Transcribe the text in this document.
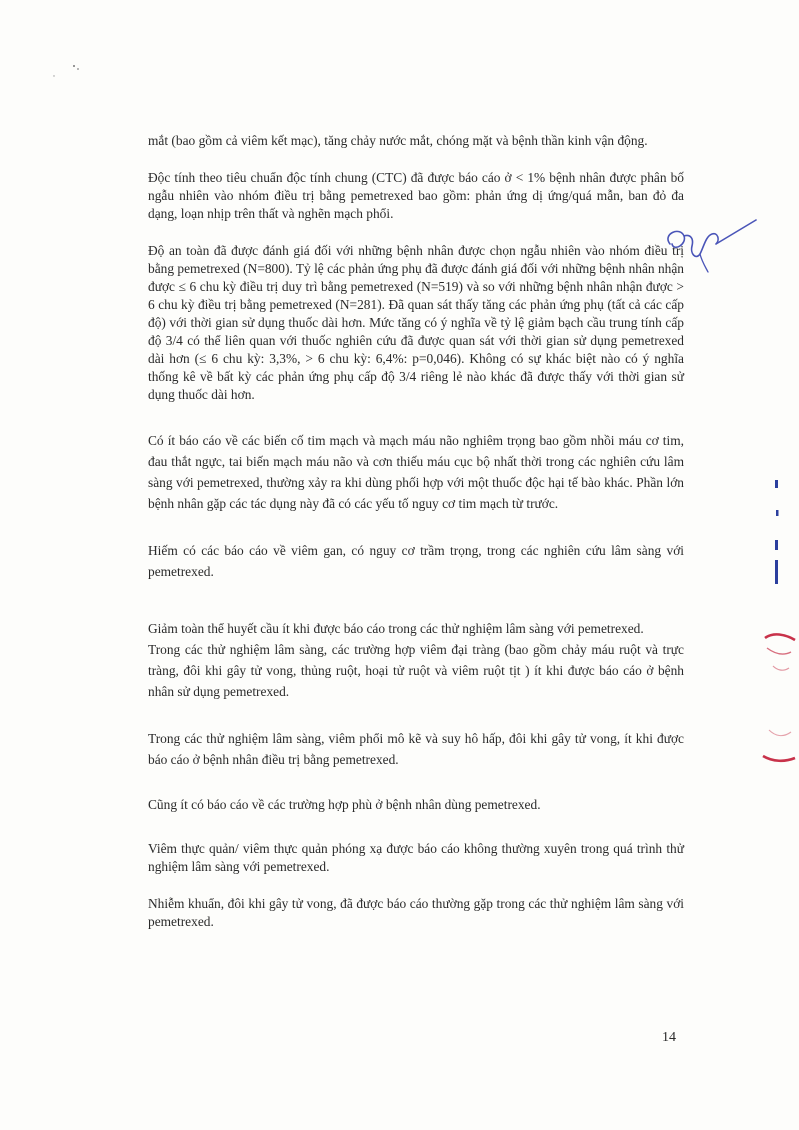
mắt (bao gồm cả viêm kết mạc), tăng chảy nước mắt, chóng mặt và bệnh thần kinh vận động.

Độc tính theo tiêu chuẩn độc tính chung (CTC) đã được báo cáo ở < 1% bệnh nhân được phân bố ngẫu nhiên vào nhóm điều trị bằng pemetrexed bao gồm: phản ứng dị ứng/quá mẫn, ban đỏ đa dạng, loạn nhịp trên thất và nghẽn mạch phổi.

Độ an toàn đã được đánh giá đối với những bệnh nhân được chọn ngẫu nhiên vào nhóm điều trị bằng pemetrexed (N=800). Tỷ lệ các phản ứng phụ đã được đánh giá đối với những bệnh nhân nhận được ≤ 6 chu kỳ điều trị duy trì bằng pemetrexed (N=519) và so với những bệnh nhân nhận được > 6 chu kỳ điều trị bằng pemetrexed (N=281). Đã quan sát thấy tăng các phản ứng phụ (tất cả các cấp độ) với thời gian sử dụng thuốc dài hơn. Mức tăng có ý nghĩa về tỷ lệ giảm bạch cầu trung tính cấp độ 3/4 có thể liên quan với thuốc nghiên cứu đã được quan sát với thời gian sử dụng pemetrexed dài hơn (≤ 6 chu kỳ: 3,3%, > 6 chu kỳ: 6,4%: p=0,046). Không có sự khác biệt nào có ý nghĩa thống kê về bất kỳ các phản ứng phụ cấp độ 3/4 riêng lẻ nào khác đã được thấy với thời gian sử dụng thuốc dài hơn.

Có ít báo cáo về các biến cố tim mạch và mạch máu não nghiêm trọng bao gồm nhồi máu cơ tim, đau thắt ngực, tai biến mạch máu não và cơn thiếu máu cục bộ nhất thời trong các nghiên cứu lâm sàng với pemetrexed, thường xảy ra khi dùng phối hợp với một thuốc độc hại tế bào khác. Phần lớn bệnh nhân gặp các tác dụng này đã có các yếu tố nguy cơ tim mạch từ trước.

Hiếm có các báo cáo về viêm gan, có nguy cơ trầm trọng, trong các nghiên cứu lâm sàng với pemetrexed.

Giảm toàn thể huyết cầu ít khi được báo cáo trong các thử nghiệm lâm sàng với pemetrexed.

Trong các thử nghiệm lâm sàng, các trường hợp viêm đại tràng (bao gồm chảy máu ruột và trực tràng, đôi khi gây tử vong, thủng ruột, hoại tử ruột và viêm ruột tịt ) ít khi được báo cáo ở bệnh nhân sử dụng pemetrexed.

Trong các thử nghiệm lâm sàng, viêm phổi mô kẽ và suy hô hấp, đôi khi gây tử vong, ít khi được báo cáo ở bệnh nhân điều trị bằng pemetrexed.

Cũng ít có báo cáo về các trường hợp phù ở bệnh nhân dùng pemetrexed.

Viêm thực quản/ viêm thực quản phóng xạ được báo cáo không thường xuyên trong quá trình thử nghiệm lâm sàng với pemetrexed.

Nhiễm khuẩn, đôi khi gây tử vong, đã được báo cáo thường gặp trong các thử nghiệm lâm sàng với pemetrexed.

14
